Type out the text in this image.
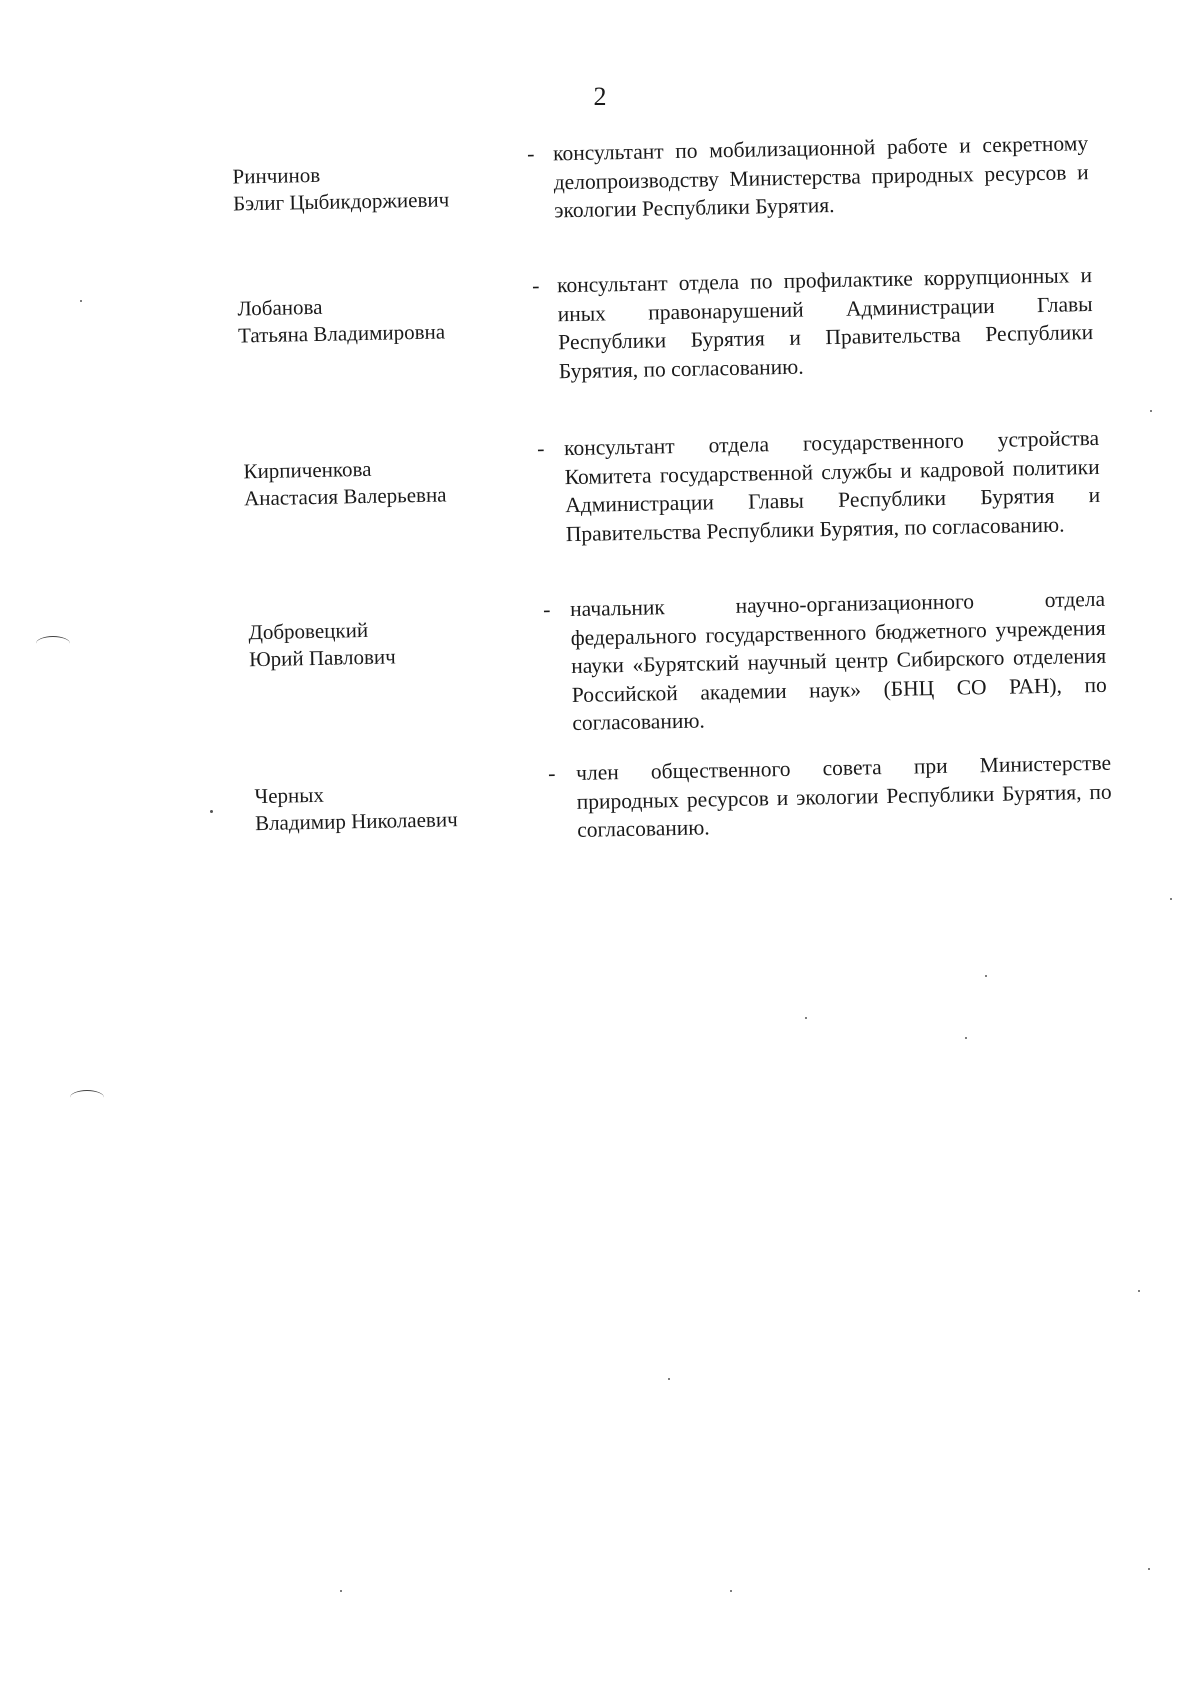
2
Ринчинов
Бэлиг Цыбикдоржиевич
- консультант по мобилизационной работе и секретному делопроизводству Министерства природных ресурсов и экологии Республики Бурятия.
Лобанова
Татьяна Владимировна
- консультант отдела по профилактике коррупционных и иных правонарушений Администрации Главы Республики Бурятия и Правительства Республики Бурятия, по согласованию.
Кирпиченкова
Анастасия Валерьевна
- консультант отдела государственного устройства Комитета государственной службы и кадровой политики Администрации Главы Республики Бурятия и Правительства Республики Бурятия, по согласованию.
Добровецкий
Юрий Павлович
- начальник научно-организационного отдела федерального государственного бюджетного учреждения науки «Бурятский научный центр Сибирского отделения Российской академии наук» (БНЦ СО РАН), по согласованию.
Черных
Владимир Николаевич
- член общественного совета при Министерстве природных ресурсов и экологии Республики Бурятия, по согласованию.
